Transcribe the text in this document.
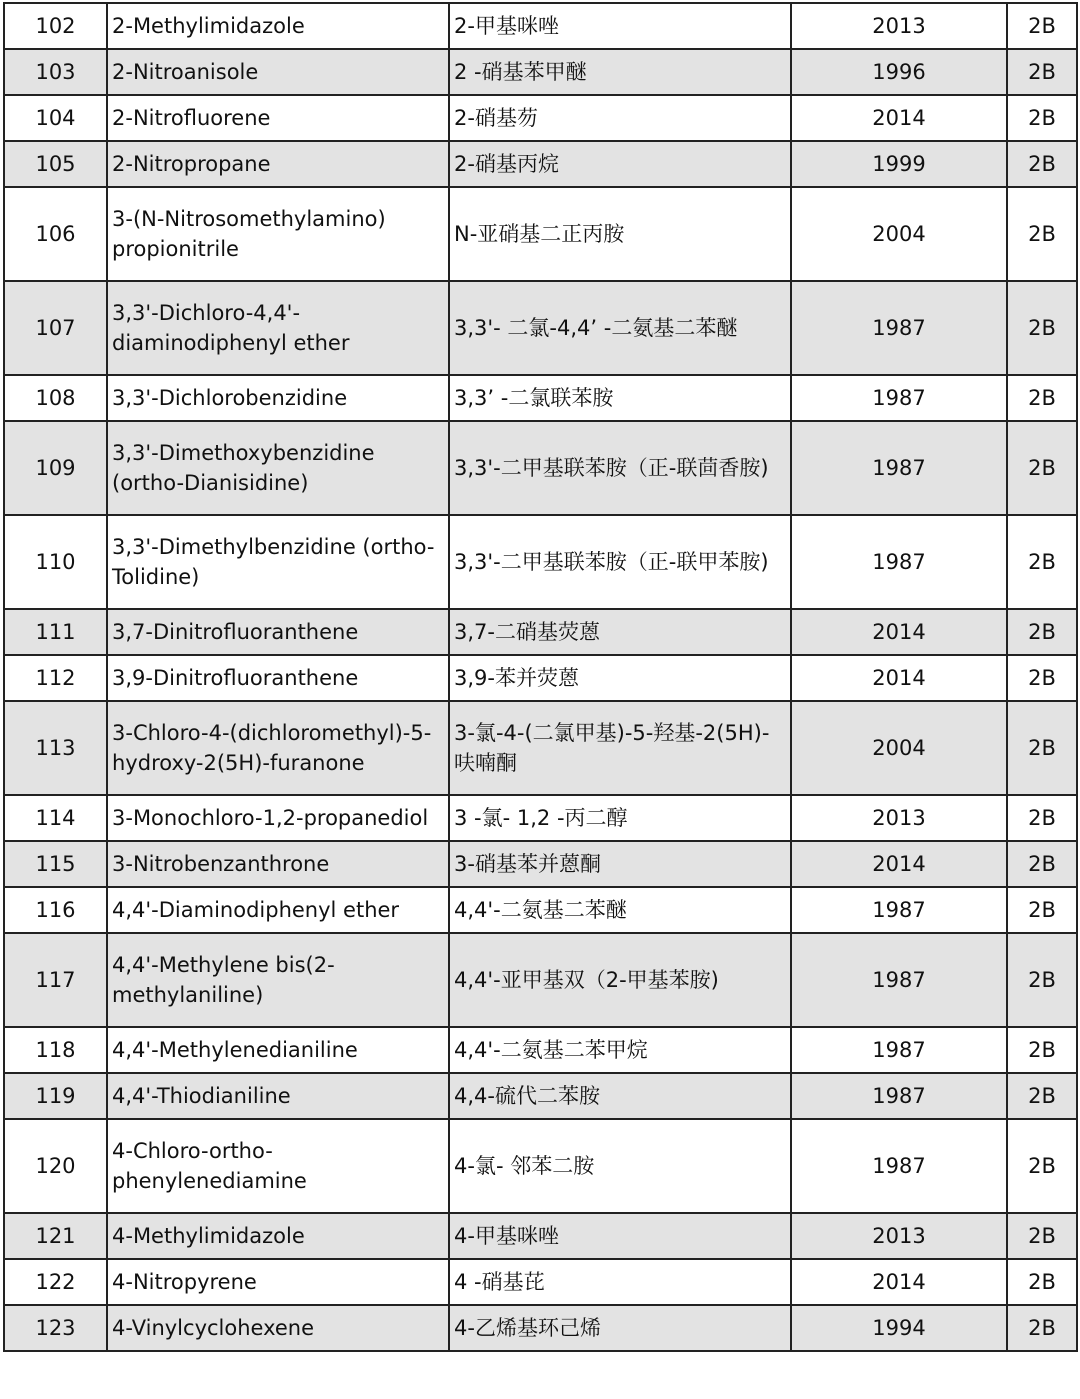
102	2-Methylimidazole	2-甲基咪唑	2013	2B
103	2-Nitroanisole	2 -硝基苯甲醚	1996	2B
104	2-Nitrofluorene	2-硝基芴	2014	2B
105	2-Nitropropane	2-硝基丙烷	1999	2B
106	3-(N-Nitrosomethylamino) propionitrile	N-亚硝基二正丙胺	2004	2B
107	3,3'-Dichloro-4,4'-diaminodiphenyl ether	3,3'- 二氯-4,4’ -二氨基二苯醚	1987	2B
108	3,3'-Dichlorobenzidine	3,3’ -二氯联苯胺	1987	2B
109	3,3'-Dimethoxybenzidine (ortho-Dianisidine)	3,3'-二甲基联苯胺（正-联茴香胺)	1987	2B
110	3,3'-Dimethylbenzidine (ortho-Tolidine)	3,3'-二甲基联苯胺（正-联甲苯胺)	1987	2B
111	3,7-Dinitrofluoranthene	3,7-二硝基荧蒽	2014	2B
112	3,9-Dinitrofluoranthene	3,9-苯并荧蒽	2014	2B
113	3-Chloro-4-(dichloromethyl)-5-hydroxy-2(5H)-furanone	3-氯-4-(二氯甲基)-5-羟基-2(5H)-呋喃酮	2004	2B
114	3-Monochloro-1,2-propanediol	3 -氯- 1,2 -丙二醇	2013	2B
115	3-Nitrobenzanthrone	3-硝基苯并蒽酮	2014	2B
116	4,4'-Diaminodiphenyl ether	4,4'-二氨基二苯醚	1987	2B
117	4,4'-Methylene bis(2-methylaniline)	4,4'-亚甲基双（2-甲基苯胺)	1987	2B
118	4,4'-Methylenedianiline	4,4'-二氨基二苯甲烷	1987	2B
119	4,4'-Thiodianiline	4,4-硫代二苯胺	1987	2B
120	4-Chloro-ortho-phenylenediamine	4-氯- 邻苯二胺	1987	2B
121	4-Methylimidazole	4-甲基咪唑	2013	2B
122	4-Nitropyrene	4 -硝基芘	2014	2B
123	4-Vinylcyclohexene	4-乙烯基环己烯	1994	2B
